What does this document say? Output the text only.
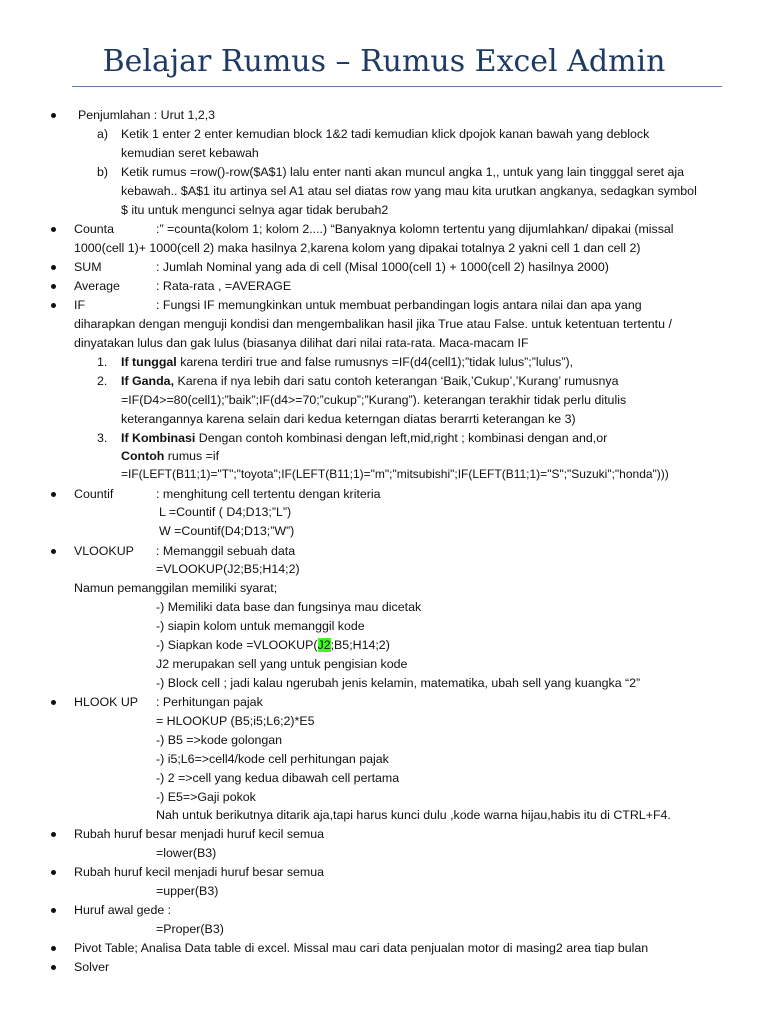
Belajar Rumus – Rumus Excel Admin
Penjumlahan : Urut 1,2,3
a) Ketik 1 enter 2 enter kemudian block 1&2 tadi kemudian klick dpojok kanan bawah yang deblock
kemudian seret kebawah
b) Ketik rumus =row()-row($A$1) lalu enter nanti akan muncul angka 1,, untuk yang lain tingggal seret aja
kebawah.. $A$1 itu artinya sel A1 atau sel diatas row yang mau kita urutkan angkanya, sedagkan symbol
$ itu untuk mengunci selnya agar tidak berubah2
Counta	:” =counta(kolom 1; kolom 2....) “Banyaknya kolomn tertentu yang dijumlahkan/ dipakai (missal
1000(cell 1)+ 1000(cell 2) maka hasilnya 2,karena kolom yang dipakai totalnya 2 yakni cell 1 dan cell 2)
SUM	: Jumlah Nominal yang ada di cell (Misal 1000(cell 1) + 1000(cell 2) hasilnya 2000)
Average	: Rata-rata , =AVERAGE
IF	: Fungsi IF memungkinkan untuk membuat perbandingan logis antara nilai dan apa yang
diharapkan dengan menguji kondisi dan mengembalikan hasil jika True atau False. untuk ketentuan tertentu /
dinyatakan lulus dan gak lulus (biasanya dilihat dari nilai rata-rata. Maca-macam IF
1. If tunggal karena terdiri true and false rumusnys =IF(d4(cell1);”tidak lulus”;”lulus”),
2. If Ganda, Karena if nya lebih dari satu contoh keterangan ‘Baik,’Cukup’,’Kurang’ rumusnya
=IF(D4>=80(cell1);”baik”;IF(d4>=70;”cukup”;”Kurang”). keterangan terakhir tidak perlu ditulis
keterangannya karena selain dari kedua keterngan diatas berarrti keterangan ke 3)
3. If Kombinasi Dengan contoh kombinasi dengan left,mid,right ; kombinasi dengan and,or
Contoh rumus =if
=IF(LEFT(B11;1)="T";"toyota";IF(LEFT(B11;1)="m";"mitsubishi";IF(LEFT(B11;1)="S";"Suzuki";"honda")))
Countif	: menghitung cell tertentu dengan kriteria
L =Countif ( D4;D13;”L”)
W =Countif(D4;D13;”W”)
VLOOKUP : Memanggil sebuah data
=VLOOKUP(J2;B5;H14;2)
Namun pemanggilan memiliki syarat;
-) Memiliki data base dan fungsinya mau dicetak
-) siapin kolom untuk memanggil kode
-) Siapkan kode =VLOOKUP(J2;B5;H14;2)
J2 merupakan sell yang untuk pengisian kode
-) Block cell ; jadi kalau ngerubah jenis kelamin, matematika, ubah sell yang kuangka “2”
HLOOK UP : Perhitungan pajak
= HLOOKUP (B5;i5;L6;2)*E5
-) B5 =>kode golongan
-) i5;L6=>cell4/kode cell perhitungan pajak
-) 2 =>cell yang kedua dibawah cell pertama
-) E5=>Gaji pokok
Nah untuk berikutnya ditarik aja,tapi harus kunci dulu ,kode warna hijau,habis itu di CTRL+F4.
Rubah huruf besar menjadi huruf kecil semua
=lower(B3)
Rubah huruf kecil menjadi huruf besar semua
=upper(B3)
Huruf awal gede :
=Proper(B3)
Pivot Table; Analisa Data table di excel. Missal mau cari data penjualan motor di masing2 area tiap bulan
Solver
